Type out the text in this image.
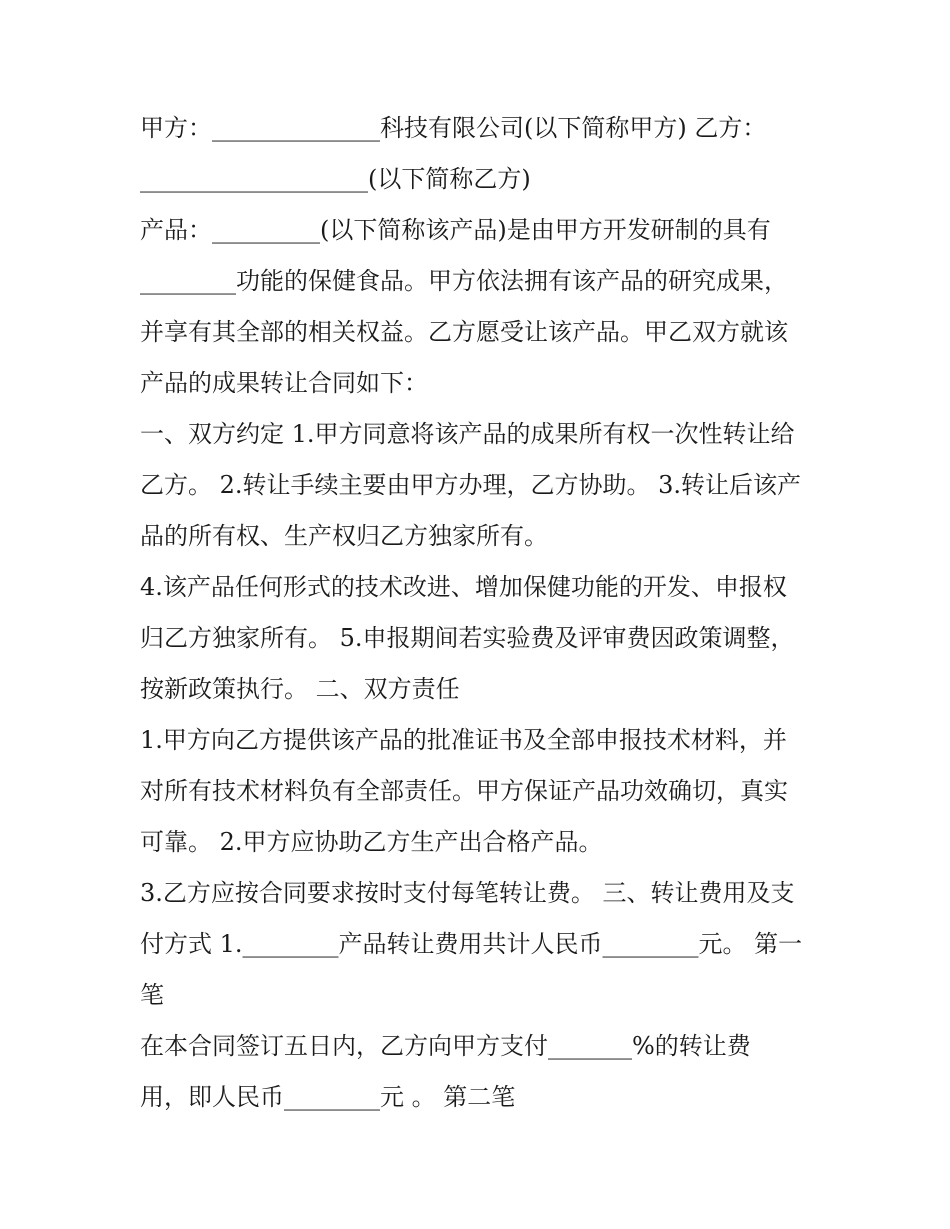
甲方：______________科技有限公司(以下简称甲方) 乙方：
___________________(以下简称乙方)
产品：_________(以下简称该产品)是由甲方开发研制的具有
________功能的保健食品。甲方依法拥有该产品的研究成果，
并享有其全部的相关权益。乙方愿受让该产品。甲乙双方就该
产品的成果转让合同如下：
一、双方约定 1.甲方同意将该产品的成果所有权一次性转让给
乙方。 2.转让手续主要由甲方办理，乙方协助。 3.转让后该产
品的所有权、生产权归乙方独家所有。
4.该产品任何形式的技术改进、增加保健功能的开发、申报权
归乙方独家所有。 5.申报期间若实验费及评审费因政策调整，
按新政策执行。 二、双方责任
1.甲方向乙方提供该产品的批准证书及全部申报技术材料，并
对所有技术材料负有全部责任。甲方保证产品功效确切，真实
可靠。 2.甲方应协助乙方生产出合格产品。
3.乙方应按合同要求按时支付每笔转让费。 三、转让费用及支
付方式 1.________产品转让费用共计人民币________元。 第一
笔
在本合同签订五日内，乙方向甲方支付_______%的转让费
用，即人民币________元 。 第二笔
